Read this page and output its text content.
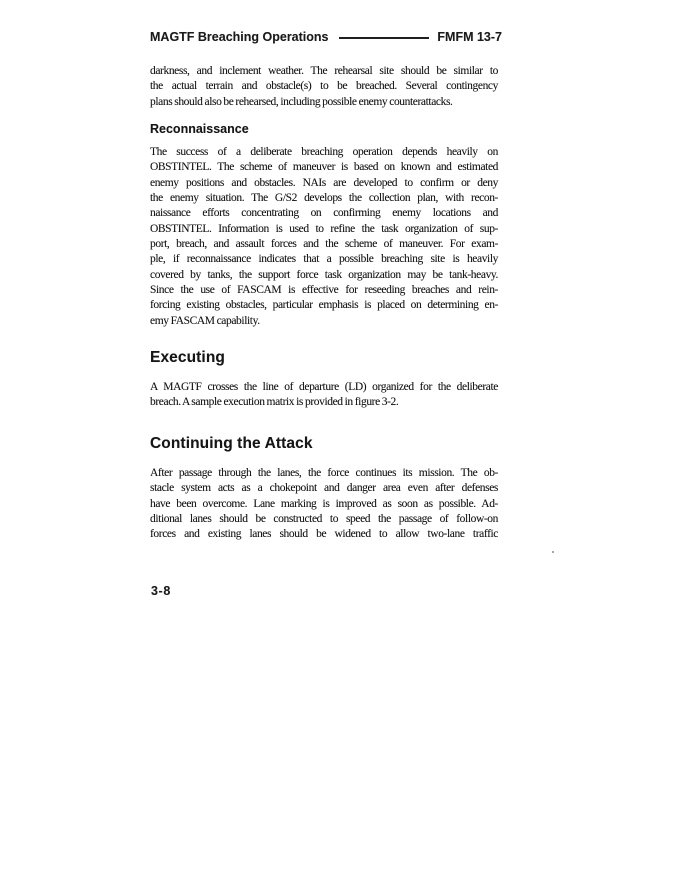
MAGTF Breaching Operations	FMFM 13-7
darkness, and inclement weather. The rehearsal site should be similar to
the actual terrain and obstacle(s) to be breached. Several contingency
plans should also be rehearsed, including possible enemy counterattacks.
Reconnaissance
The success of a deliberate breaching operation depends heavily on
OBSTINTEL. The scheme of maneuver is based on known and estimated
enemy positions and obstacles. NAIs are developed to confirm or deny
the enemy situation. The G/S2 develops the collection plan, with recon-
naissance efforts concentrating on confirming enemy locations and
OBSTINTEL. Information is used to refine the task organization of sup-
port, breach, and assault forces and the scheme of maneuver. For exam-
ple, if reconnaissance indicates that a possible breaching site is heavily
covered by tanks, the support force task organization may be tank-heavy.
Since the use of FASCAM is effective for reseeding breaches and rein-
forcing existing obstacles, particular emphasis is placed on determining en-
emy FASCAM capability.
Executing
A MAGTF crosses the line of departure (LD) organized for the deliberate
breach. A sample execution matrix is provided in figure 3-2.
Continuing the Attack
After passage through the lanes, the force continues its mission. The ob-
stacle system acts as a chokepoint and danger area even after defenses
have been overcome. Lane marking is improved as soon as possible. Ad-
ditional lanes should be constructed to speed the passage of follow-on
forces and existing lanes should be widened to allow two-lane traffic
3-8
